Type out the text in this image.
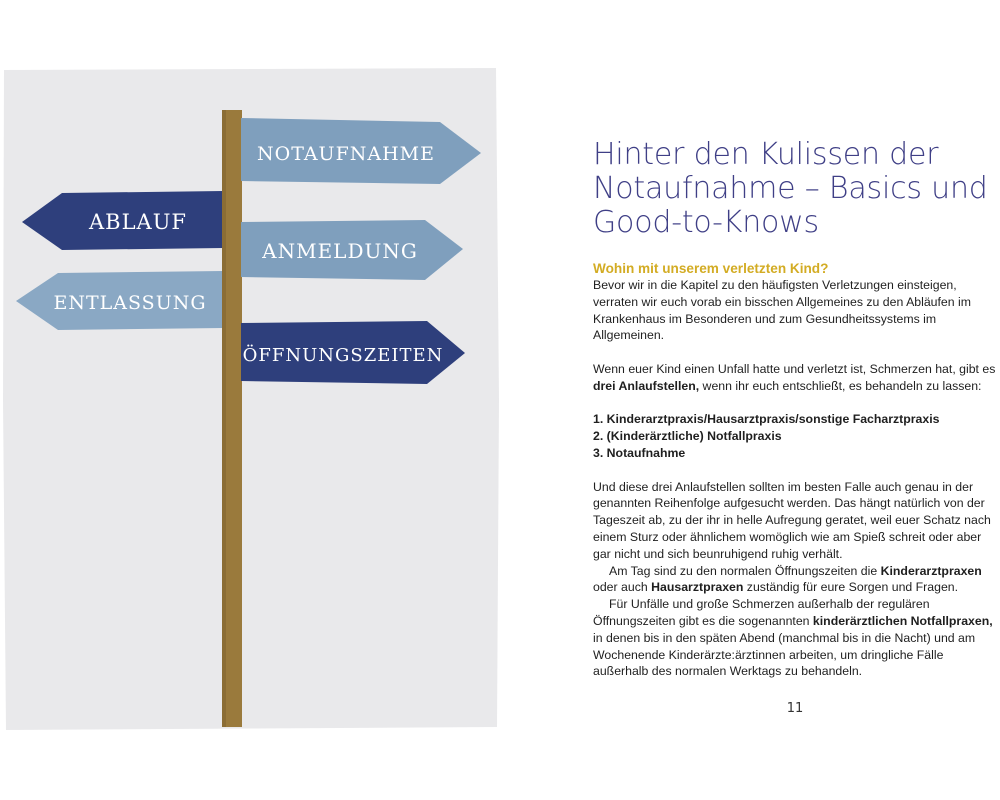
ABLAUF
ENTLASSUNG
NOTAUFNAHME
ANMELDUNG
ÖFFNUNGSZEITEN
Hinter den Kulissen der Notaufnahme – Basics und Good-to-Knows
Wohin mit unserem verletzten Kind?

Bevor wir in die Kapitel zu den häufigsten Verletzungen einsteigen, verraten wir euch vorab ein bisschen Allgemeines zu den Abläufen im Krankenhaus im Besonderen und zum Gesundheitssystems im Allgemeinen.

Wenn euer Kind einen Unfall hatte und verletzt ist, Schmerzen hat, gibt es drei Anlaufstellen, wenn ihr euch entschließt, es behandeln zu lassen:

1. Kinderarztpraxis/Hausarztpraxis/sonstige Facharztpraxis
2. (Kinderärztliche) Notfallpraxis
3. Notaufnahme

Und diese drei Anlaufstellen sollten im besten Falle auch genau in der genannten Reihenfolge aufgesucht werden. Das hängt natürlich von der Tageszeit ab, zu der ihr in helle Aufregung geratet, weil euer Schatz nach einem Sturz oder ähnlichem womöglich wie am Spieß schreit oder aber gar nicht und sich beunruhigend ruhig verhält.

Am Tag sind zu den normalen Öffnungszeiten die Kinderarztpraxen oder auch Hausarztpraxen zuständig für eure Sorgen und Fragen.

Für Unfälle und große Schmerzen außerhalb der regulären Öffnungszeiten gibt es die sogenannten kinderärztlichen Notfallpraxen, in denen bis in den späten Abend (manchmal bis in die Nacht) und am Wochenende Kinderärzte:ärztinnen arbeiten, um dringliche Fälle außerhalb des normalen Werktags zu behandeln.

11
